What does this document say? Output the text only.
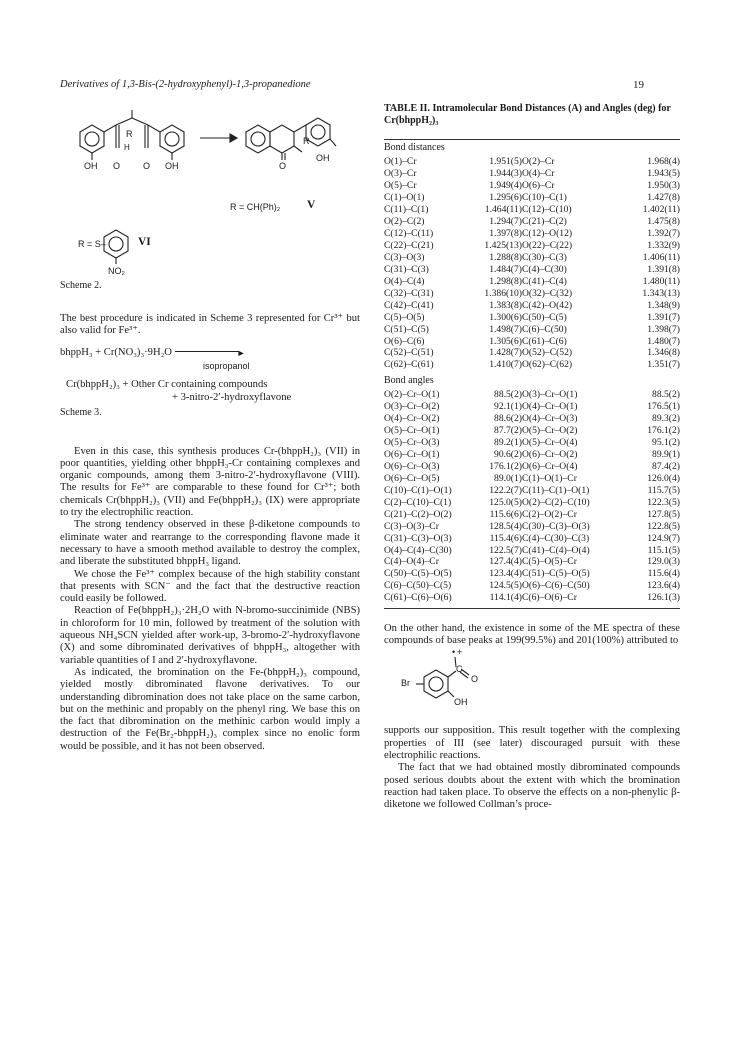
Derivatives of 1,3-Bis-(2-hydroxyphenyl)-1,3-propanedione	19
R
H
R
OH
OH O	O OH	O
R = CH(Ph)₂ V
R = S–	VI
NO₂
Scheme 2.

The best procedure is indicated in Scheme 3 represented for Cr³⁺ but also valid for Fe³⁺.

bhppH₃ + Cr(NO₃)₃·9H₂O	►
isopropanol
Cr(bhppH₂)₃ + Other Cr containing compounds
+ 3-nitro-2′-hydroxyflavone
Scheme 3.

Even in this case, this synthesis produces Cr-(bhppH₂)₃ (VII) in poor quantities, yielding other bhppH₃-Cr containing complexes and organic compounds, among them 3-nitro-2′-hydroxyflavone (VIII). The results for Fe³⁺ are comparable to these found for Cr³⁺; both chemicals Cr(bhppH₂)₃ (VII) and Fe(bhppH₂)₃ (IX) were appropriate to try the electrophilic reaction.

The strong tendency observed in these β-diketone compounds to eliminate water and rearrange to the corresponding flavone made it necessary to have a smooth method available to destroy the complex, and liberate the substituted bhppH₃ ligand.

We chose the Fe³⁺ complex because of the high stability constant that presents with SCN⁻ and the fact that the destructive reaction could easily be followed.

Reaction of Fe(bhppH₂)₃·2H₂O with N-bromo-succinimide (NBS) in chloroform for 10 min, followed by treatment of the solution with aqueous NH₄SCN yielded after work-up, 3-bromo-2′-hydroxyflavone (X) and some dibrominated derivatives of bhppH₃, altogether with variable quantities of I and 2′-hydroxyflavone.

As indicated, the bromination on the Fe-(bhppH₂)₃ compound, yielded mostly dibrominated flavone derivatives. To our understanding dibromination does not take place on the same carbon, but on the methinic and propably on the phenyl ring. We base this on the fact that dibromination on the methinic carbon would imply a destruction of the Fe(Br₂-bhppH₂)₃ complex since no enolic form would be possible, and it has not been observed.

TABLE II. Intramolecular Bond Distances (A) and Angles (deg) for Cr(bhppH₂)₃
Bond distances
O(1)–Cr	1.951(5)	O(2)–Cr	1.968(4)
O(3)–Cr	1.944(3)	O(4)–Cr	1.943(5)
O(5)–Cr	1.949(4)	O(6)–Cr	1.950(3)
C(1)–O(1)	1.295(6)	C(10)–C(1)	1.427(8)
C(11)–C(1)	1.464(11)	C(12)–C(10)	1.402(11)
O(2)–C(2)	1.294(7)	C(21)–C(2)	1.475(8)
C(12)–C(11)	1.397(8)	C(12)–O(12)	1.392(7)
C(22)–C(21)	1.425(13)	O(22)–C(22)	1.332(9)
C(3)–O(3)	1.288(8)	C(30)–C(3)	1.406(11)
C(31)–C(3)	1.484(7)	C(4)–C(30)	1.391(8)
O(4)–C(4)	1.298(8)	C(41)–C(4)	1.480(11)
C(32)–C(31)	1.386(10)	O(32)–C(32)	1.343(13)
C(42)–C(41)	1.383(8)	C(42)–O(42)	1.348(9)
C(5)–O(5)	1.300(6)	C(50)–C(5)	1.391(7)
C(51)–C(5)	1.498(7)	C(6)–C(50)	1.398(7)
O(6)–C(6)	1.305(6)	C(61)–C(6)	1.480(7)
C(52)–C(51)	1.428(7)	O(52)–C(52)	1.346(8)
C(62)–C(61)	1.410(7)	O(62)–C(62)	1.351(7)
Bond angles
O(2)–Cr–O(1)	88.5(2)	O(3)–Cr–O(1)	88.5(2)
O(3)–Cr–O(2)	92.1(1)	O(4)–Cr–O(1)	176.5(1)
O(4)–Cr–O(2)	88.6(2)	O(4)–Cr–O(3)	89.3(2)
O(5)–Cr–O(1)	87.7(2)	O(5)–Cr–O(2)	176.1(2)
O(5)–Cr–O(3)	89.2(1)	O(5)–Cr–O(4)	95.1(2)
O(6)–Cr–O(1)	90.6(2)	O(6)–Cr–O(2)	89.9(1)
O(6)–Cr–O(3)	176.1(2)	O(6)–Cr–O(4)	87.4(2)
O(6)–Cr–O(5)	89.0(1)	C(1)–O(1)–Cr	126.0(4)
C(10)–C(1)–O(1)	122.2(7)	C(11)–C(1)–O(1)	115.7(5)
C(2)–C(10)–C(1)	125.0(5)	O(2)–C(2)–C(10)	122.3(5)
C(21)–C(2)–O(2)	115.6(6)	C(2)–O(2)–Cr	127.8(5)
C(3)–O(3)–Cr	128.5(4)	C(30)–C(3)–O(3)	122.8(5)
C(31)–C(3)–O(3)	115.4(6)	C(4)–C(30)–C(3)	124.9(7)
O(4)–C(4)–C(30)	122.5(7)	C(41)–C(4)–O(4)	115.1(5)
C(4)–O(4)–Cr	127.4(4)	C(5)–O(5)–Cr	129.0(3)
C(50)–C(5)–O(5)	123.4(4)	C(51)–C(5)–O(5)	115.6(4)
C(6)–C(50)–C(5)	124.5(5)	O(6)–C(6)–C(50)	123.6(4)
C(61)–C(6)–O(6)	114.1(4)	C(6)–O(6)–Cr	126.1(3)

On the other hand, the existence in some of the ME spectra of these compounds of base peaks at 199(99.5%) and 201(100%) attributed to

• +
C
O
Br
OH

supports our supposition. This result together with the complexing properties of III (see later) discouraged pursuit with these electrophilic reactions.

The fact that we had obtained mostly dibrominated compounds posed serious doubts about the extent with which the bromination reaction had taken place. To observe the effects on a non-phenylic β-diketone we followed Collman’s proce-
